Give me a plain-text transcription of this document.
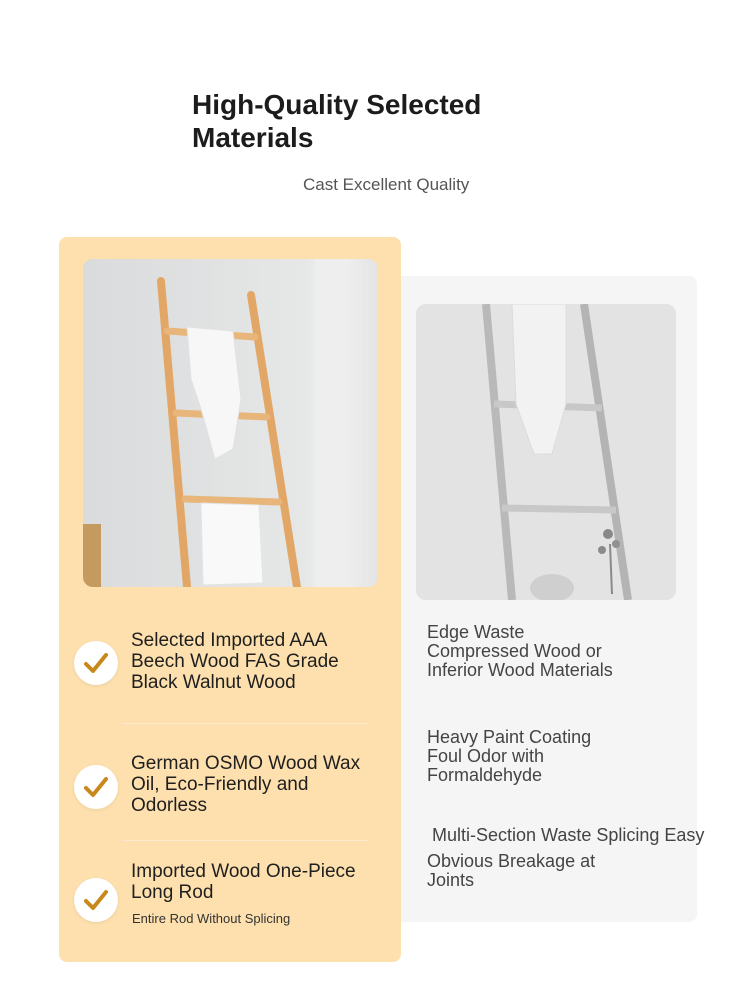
High-Quality Selected Materials
Cast Excellent Quality
Selected Imported AAA Beech Wood FAS Grade Black Walnut Wood
German OSMO Wood Wax Oil, Eco-Friendly and Odorless
Imported Wood One-Piece Long Rod
Entire Rod Without Splicing
Edge Waste Compressed Wood or Inferior Wood Materials
Heavy Paint Coating Foul Odor with Formaldehyde
Multi-Section Waste Splicing Easy
Obvious Breakage at Joints
